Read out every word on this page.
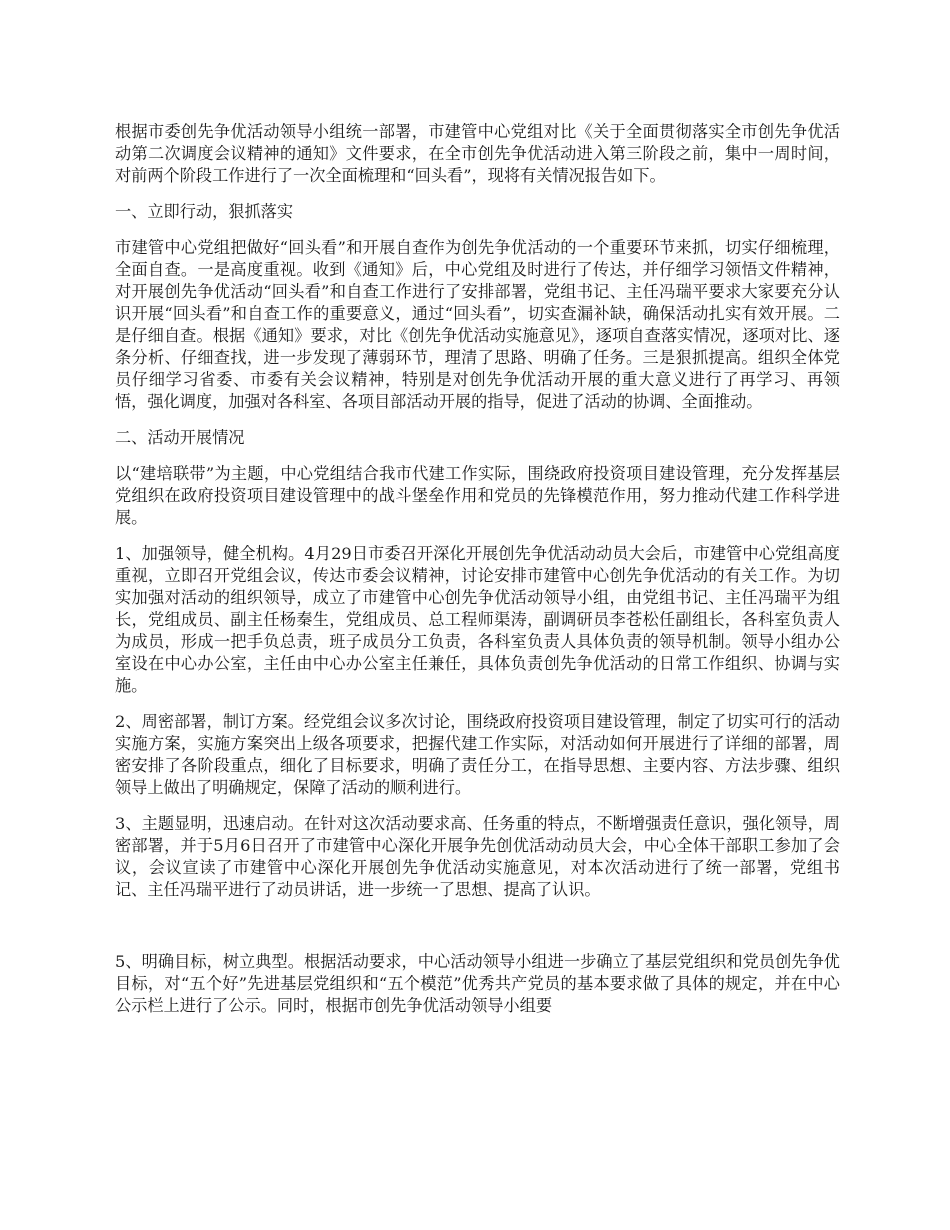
根据市委创先争优活动领导小组统一部署，市建管中心党组对比《关于全面贯彻落实全市创先争优活动第二次调度会议精神的通知》文件要求，在全市创先争优活动进入第三阶段之前，集中一周时间，对前两个阶段工作进行了一次全面梳理和“回头看”，现将有关情况报告如下。

一、立即行动，狠抓落实

市建管中心党组把做好“回头看”和开展自查作为创先争优活动的一个重要环节来抓，切实仔细梳理，全面自查。一是高度重视。收到《通知》后，中心党组及时进行了传达，并仔细学习领悟文件精神，对开展创先争优活动“回头看”和自查工作进行了安排部署，党组书记、主任冯瑞平要求大家要充分认识开展“回头看”和自查工作的重要意义，通过“回头看”，切实查漏补缺，确保活动扎实有效开展。二是仔细自查。根据《通知》要求，对比《创先争优活动实施意见》，逐项自查落实情况，逐项对比、逐条分析、仔细查找，进一步发现了薄弱环节，理清了思路、明确了任务。三是狠抓提高。组织全体党员仔细学习省委、市委有关会议精神，特别是对创先争优活动开展的重大意义进行了再学习、再领悟，强化调度，加强对各科室、各项目部活动开展的指导，促进了活动的协调、全面推动。

二、活动开展情况

以“建培联带”为主题，中心党组结合我市代建工作实际，围绕政府投资项目建设管理，充分发挥基层党组织在政府投资项目建设管理中的战斗堡垒作用和党员的先锋模范作用，努力推动代建工作科学进展。

1、加强领导，健全机构。4月29日市委召开深化开展创先争优活动动员大会后，市建管中心党组高度重视，立即召开党组会议，传达市委会议精神，讨论安排市建管中心创先争优活动的有关工作。为切实加强对活动的组织领导，成立了市建管中心创先争优活动领导小组，由党组书记、主任冯瑞平为组长，党组成员、副主任杨秦生，党组成员、总工程师渠涛，副调研员李苍松任副组长，各科室负责人为成员，形成一把手负总责，班子成员分工负责，各科室负责人具体负责的领导机制。领导小组办公室设在中心办公室，主任由中心办公室主任兼任，具体负责创先争优活动的日常工作组织、协调与实施。

2、周密部署，制订方案。经党组会议多次讨论，围绕政府投资项目建设管理，制定了切实可行的活动实施方案，实施方案突出上级各项要求，把握代建工作实际，对活动如何开展进行了详细的部署，周密安排了各阶段重点，细化了目标要求，明确了责任分工，在指导思想、主要内容、方法步骤、组织领导上做出了明确规定，保障了活动的顺利进行。

3、主题显明，迅速启动。在针对这次活动要求高、任务重的特点，不断增强责任意识，强化领导，周密部署，并于5月6日召开了市建管中心深化开展争先创优活动动员大会，中心全体干部职工参加了会议，会议宣读了市建管中心深化开展创先争优活动实施意见，对本次活动进行了统一部署，党组书记、主任冯瑞平进行了动员讲话，进一步统一了思想、提高了认识。

5、明确目标，树立典型。根据活动要求，中心活动领导小组进一步确立了基层党组织和党员创先争优目标，对“五个好”先进基层党组织和“五个模范”优秀共产党员的基本要求做了具体的规定，并在中心公示栏上进行了公示。同时，根据市创先争优活动领导小组要
